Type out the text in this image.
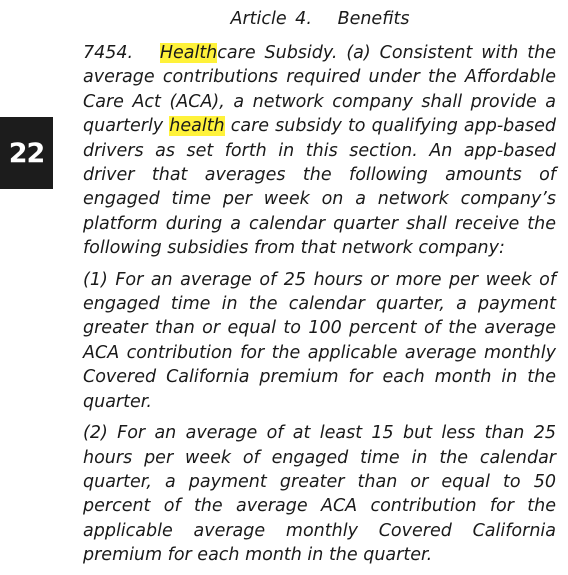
22
Article 4.   Benefits

7454. Healthcare Subsidy. (a) Consistent with the average contributions required under the Affordable Care Act (ACA), a network company shall provide a quarterly health care subsidy to qualifying app-based drivers as set forth in this section. An app-based driver that averages the following amounts of engaged time per week on a network company’s platform during a calendar quarter shall receive the following subsidies from that network company:

(1) For an average of 25 hours or more per week of engaged time in the calendar quarter, a payment greater than or equal to 100 percent of the average ACA contribution for the applicable average monthly Covered California premium for each month in the quarter.

(2) For an average of at least 15 but less than 25 hours per week of engaged time in the calendar quarter, a payment greater than or equal to 50 percent of the average ACA contribution for the applicable average monthly Covered California premium for each month in the quarter.
